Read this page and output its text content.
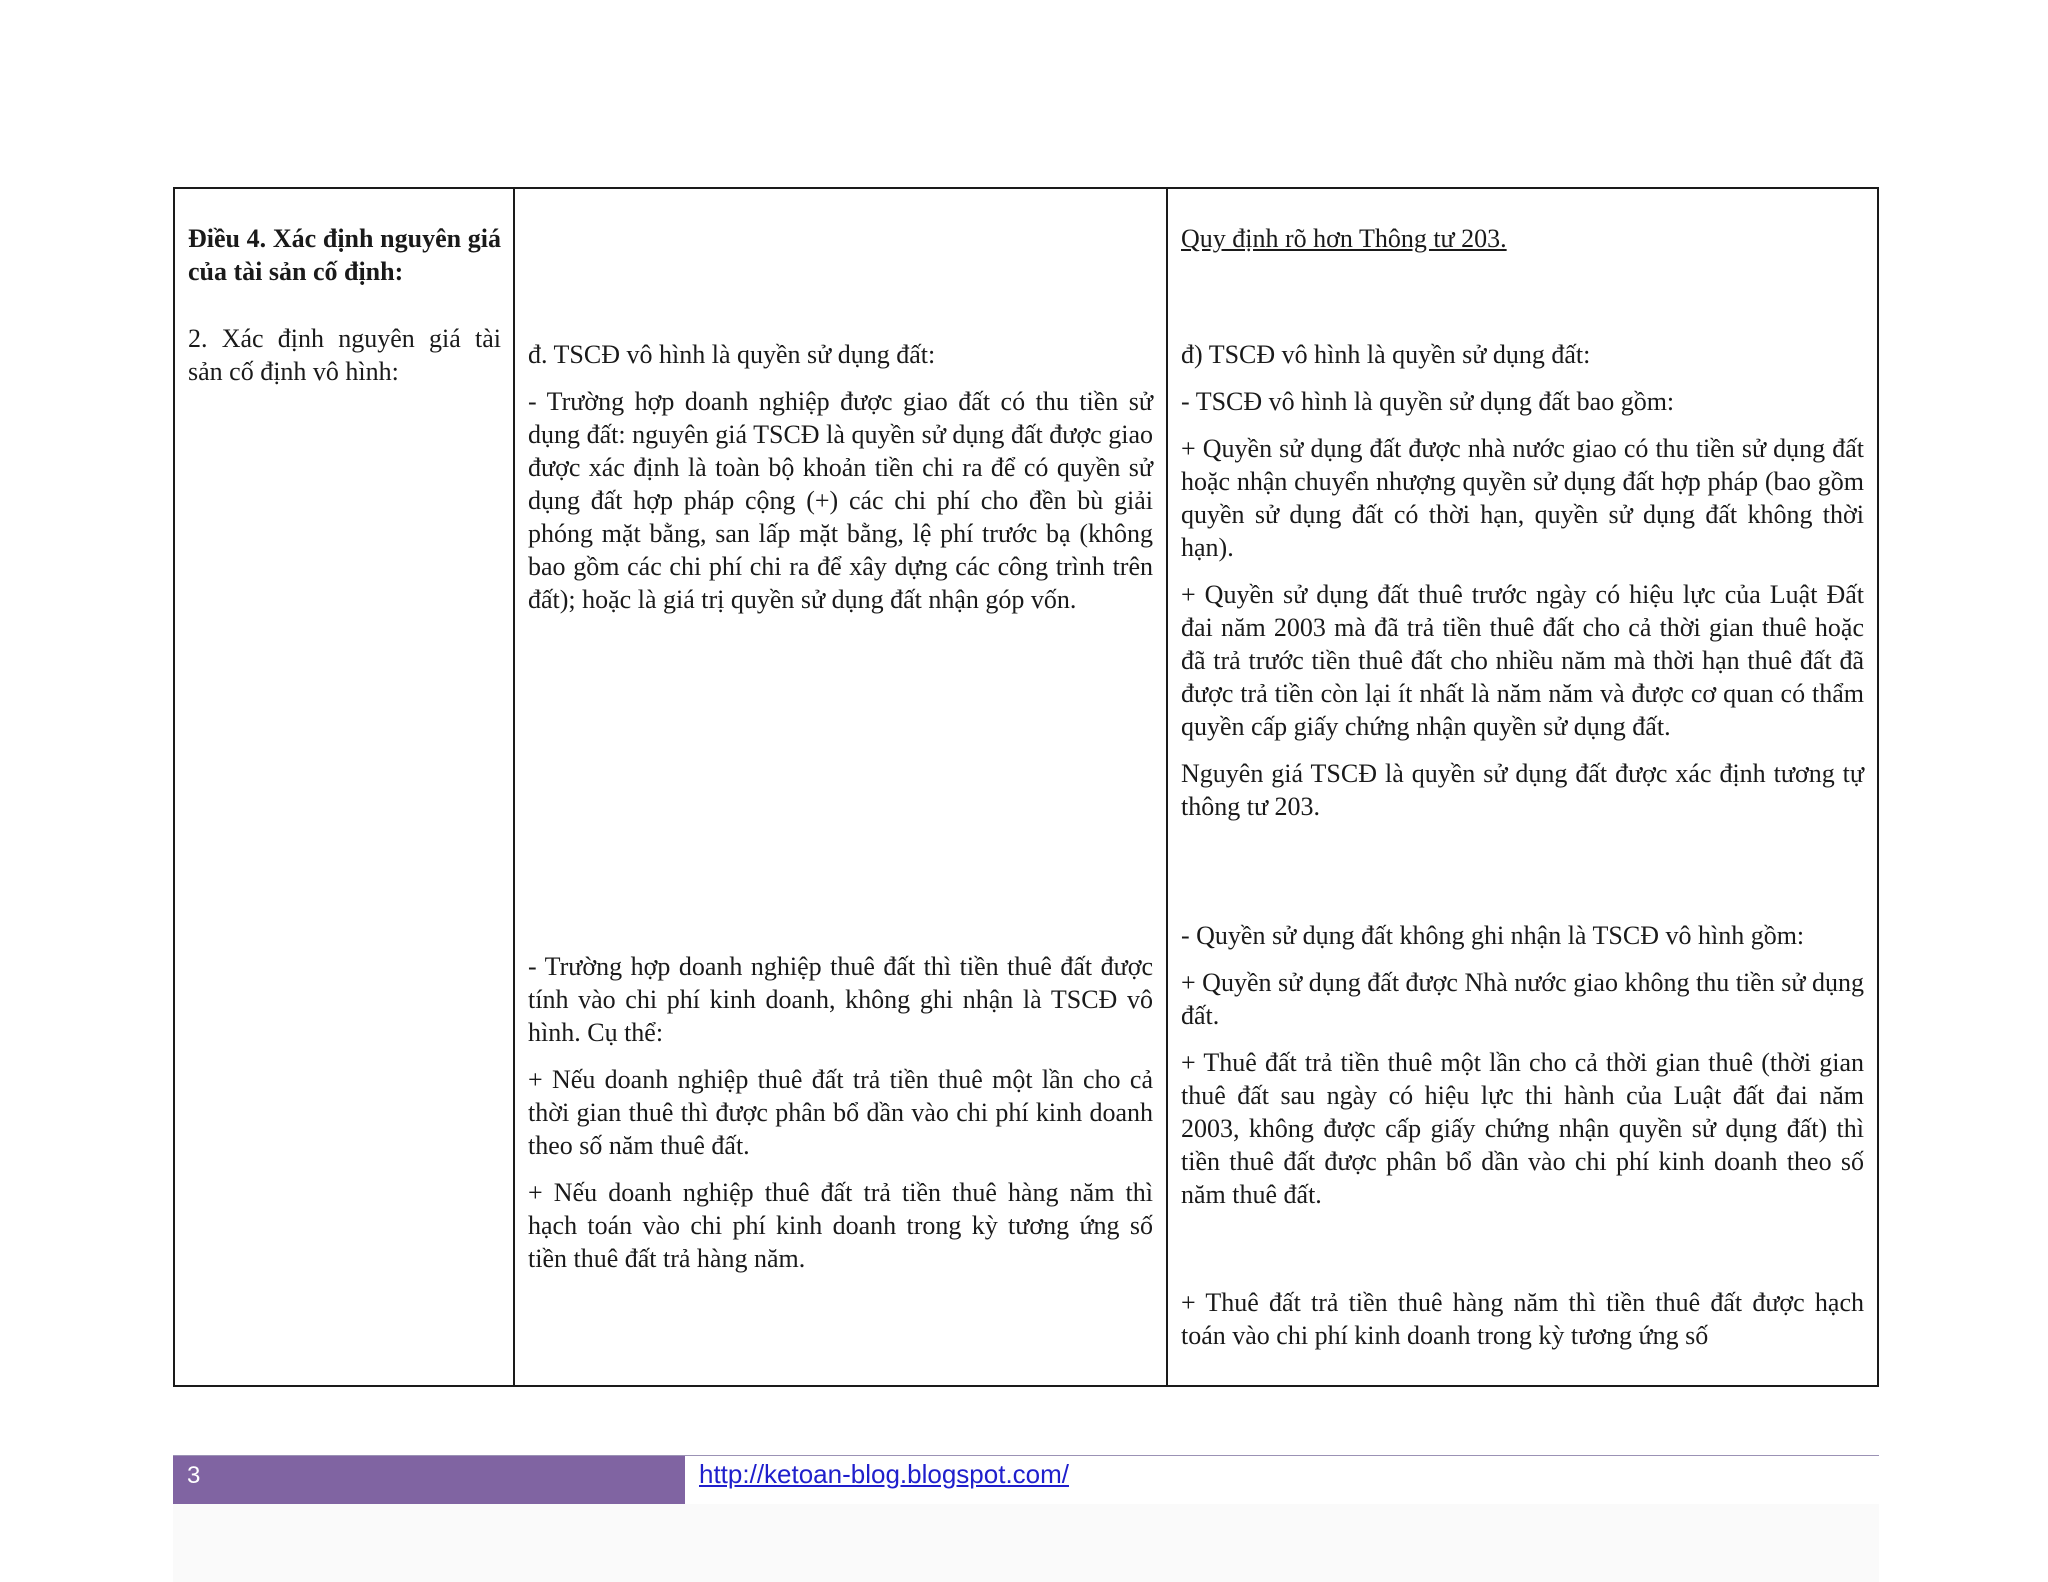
Điều 4. Xác định nguyên giá của tài sản cố định:
2. Xác định nguyên giá tài sản cố định vô hình:

đ. TSCĐ vô hình là quyền sử dụng đất:

- Trường hợp doanh nghiệp được giao đất có thu tiền sử dụng đất: nguyên giá TSCĐ là quyền sử dụng đất được giao được xác định là toàn bộ khoản tiền chi ra để có quyền sử dụng đất hợp pháp cộng (+) các chi phí cho đền bù giải phóng mặt bằng, san lấp mặt bằng, lệ phí trước bạ (không bao gồm các chi phí chi ra để xây dựng các công trình trên đất); hoặc là giá trị quyền sử dụng đất nhận góp vốn.

- Trường hợp doanh nghiệp thuê đất thì tiền thuê đất được tính vào chi phí kinh doanh, không ghi nhận là TSCĐ vô hình. Cụ thể:

+ Nếu doanh nghiệp thuê đất trả tiền thuê một lần cho cả thời gian thuê thì được phân bổ dần vào chi phí kinh doanh theo số năm thuê đất.

+ Nếu doanh nghiệp thuê đất trả tiền thuê hàng năm thì hạch toán vào chi phí kinh doanh trong kỳ tương ứng số tiền thuê đất trả hàng năm.

Quy định rõ hơn Thông tư 203.

đ) TSCĐ vô hình là quyền sử dụng đất:

- TSCĐ vô hình là quyền sử dụng đất bao gồm:

+ Quyền sử dụng đất được nhà nước giao có thu tiền sử dụng đất hoặc nhận chuyển nhượng quyền sử dụng đất hợp pháp (bao gồm quyền sử dụng đất có thời hạn, quyền sử dụng đất không thời hạn).

+ Quyền sử dụng đất thuê trước ngày có hiệu lực của Luật Đất đai năm 2003 mà đã trả tiền thuê đất cho cả thời gian thuê hoặc đã trả trước tiền thuê đất cho nhiều năm mà thời hạn thuê đất đã được trả tiền còn lại ít nhất là năm năm và được cơ quan có thẩm quyền cấp giấy chứng nhận quyền sử dụng đất.

Nguyên giá TSCĐ là quyền sử dụng đất được xác định tương tự thông tư 203.

- Quyền sử dụng đất không ghi nhận là TSCĐ vô hình gồm:

+ Quyền sử dụng đất được Nhà nước giao không thu tiền sử dụng đất.

+ Thuê đất trả tiền thuê một lần cho cả thời gian thuê (thời gian thuê đất sau ngày có hiệu lực thi hành của Luật đất đai năm 2003, không được cấp giấy chứng nhận quyền sử dụng đất) thì tiền thuê đất được phân bổ dần vào chi phí kinh doanh theo số năm thuê đất.

+ Thuê đất trả tiền thuê hàng năm thì tiền thuê đất được hạch toán vào chi phí kinh doanh trong kỳ tương ứng số

3	http://ketoan-blog.blogspot.com/
